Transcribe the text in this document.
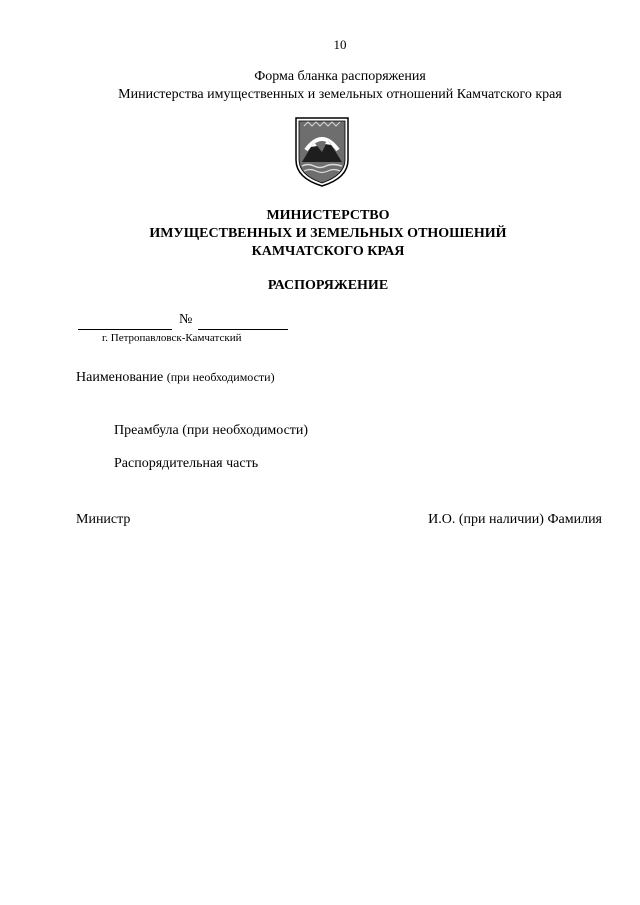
10
Форма бланка распоряжения
Министерства имущественных и земельных отношений Камчатского края
МИНИСТЕРСТВО
ИМУЩЕСТВЕННЫХ И ЗЕМЕЛЬНЫХ ОТНОШЕНИЙ
КАМЧАТСКОГО КРАЯ
РАСПОРЯЖЕНИЕ
№
г. Петропавловск-Камчатский
Наименование (при необходимости)
Преамбула (при необходимости)
Распорядительная часть
Министр	И.О. (при наличии) Фамилия
